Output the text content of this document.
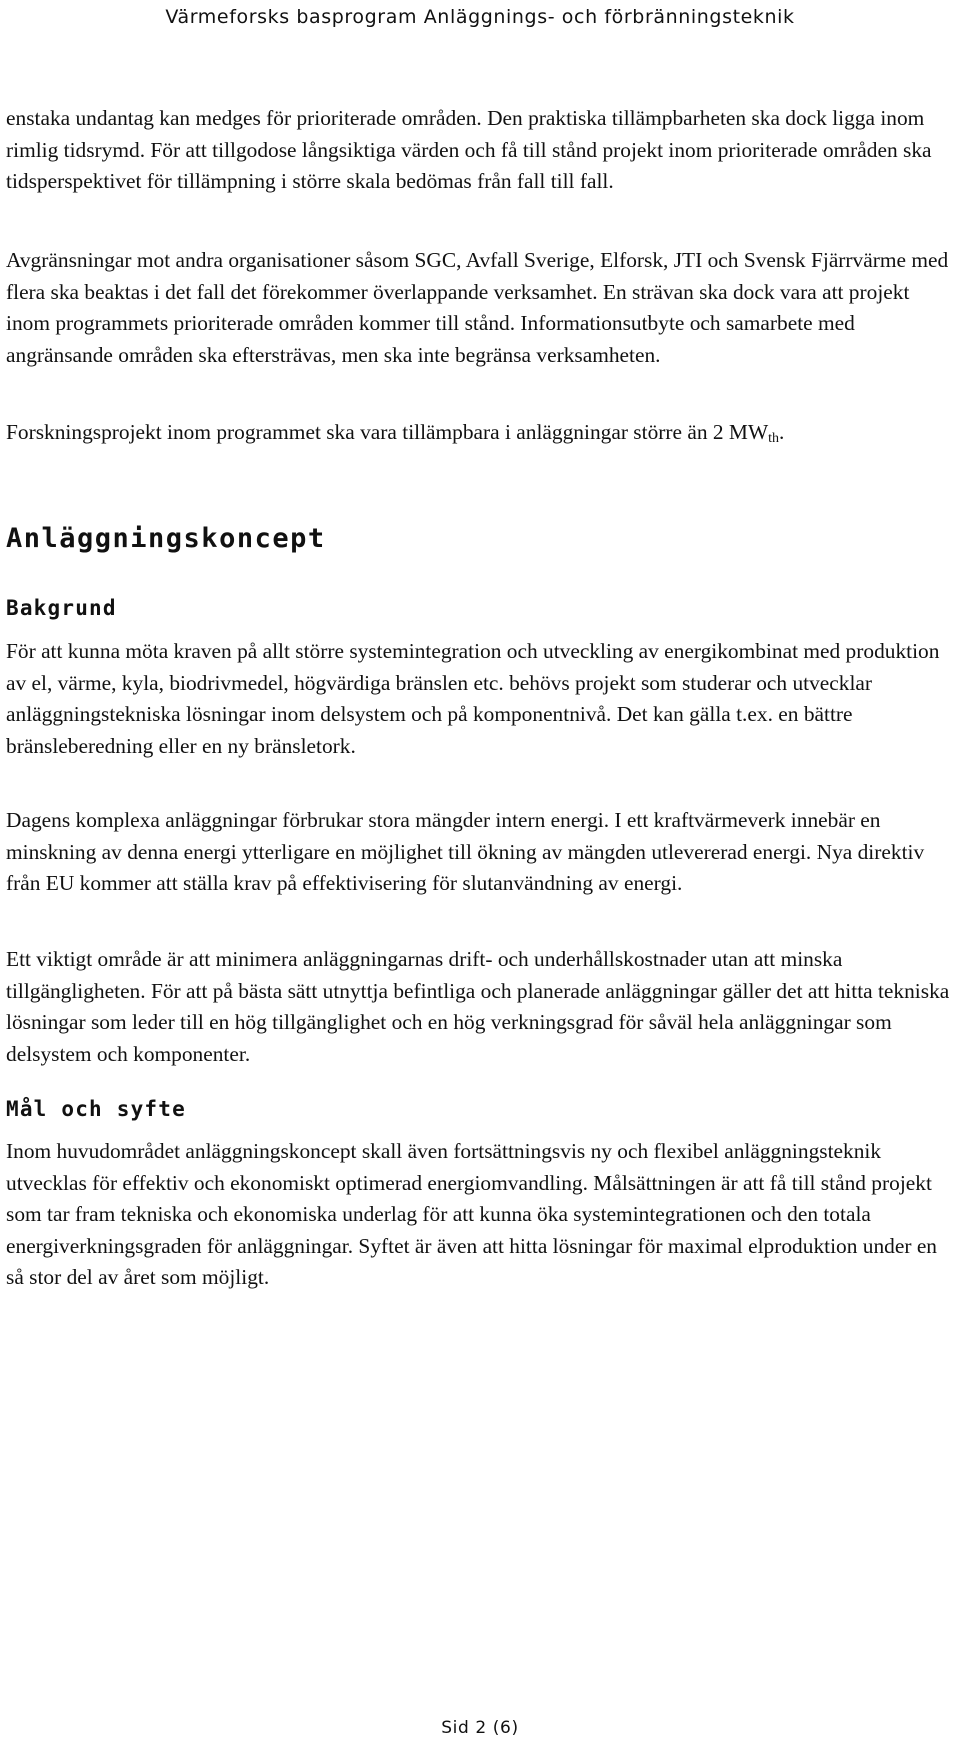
Värmeforsks basprogram Anläggnings- och förbränningsteknik

enstaka undantag kan medges för prioriterade områden. Den praktiska tillämpbarheten ska dock ligga inom rimlig tidsrymd. För att tillgodose långsiktiga värden och få till stånd projekt inom prioriterade områden ska tidsperspektivet för tillämpning i större skala bedömas från fall till fall.

Avgränsningar mot andra organisationer såsom SGC, Avfall Sverige, Elforsk, JTI och Svensk Fjärrvärme med flera ska beaktas i det fall det förekommer överlappande verksamhet. En strävan ska dock vara att projekt inom programmets prioriterade områden kommer till stånd. Informationsutbyte och samarbete med angränsande områden ska eftersträvas, men ska inte begränsa verksamheten.

Forskningsprojekt inom programmet ska vara tillämpbara i anläggningar större än 2 $MW_{th}$.

Anläggningskoncept
Bakgrund

För att kunna möta kraven på allt större systemintegration och utveckling av energikombinat med produktion av el, värme, kyla, biodrivmedel, högvärdiga bränslen etc. behövs projekt som studerar och utvecklar anläggningstekniska lösningar inom delsystem och på komponentnivå. Det kan gälla t.ex. en bättre bränsleberedning eller en ny bränsletork.

Dagens komplexa anläggningar förbrukar stora mängder intern energi. I ett kraftvärmeverk innebär en minskning av denna energi ytterligare en möjlighet till ökning av mängden utlevererad energi. Nya direktiv från EU kommer att ställa krav på effektivisering för slutanvändning av energi.

Ett viktigt område är att minimera anläggningarnas drift- och underhållskostnader utan att minska tillgängligheten. För att på bästa sätt utnyttja befintliga och planerade anläggningar gäller det att hitta tekniska lösningar som leder till en hög tillgänglighet och en hög verkningsgrad för såväl hela anläggningar som delsystem och komponenter.

Mål och syfte

Inom huvudområdet anläggningskoncept skall även fortsättningsvis ny och flexibel anläggningsteknik utvecklas för effektiv och ekonomiskt optimerad energiomvandling. Målsättningen är att få till stånd projekt som tar fram tekniska och ekonomiska underlag för att kunna öka systemintegrationen och den totala energiverkningsgraden för anläggningar. Syftet är även att hitta lösningar för maximal elproduktion under en så stor del av året som möjligt.

Sid 2 (6)
